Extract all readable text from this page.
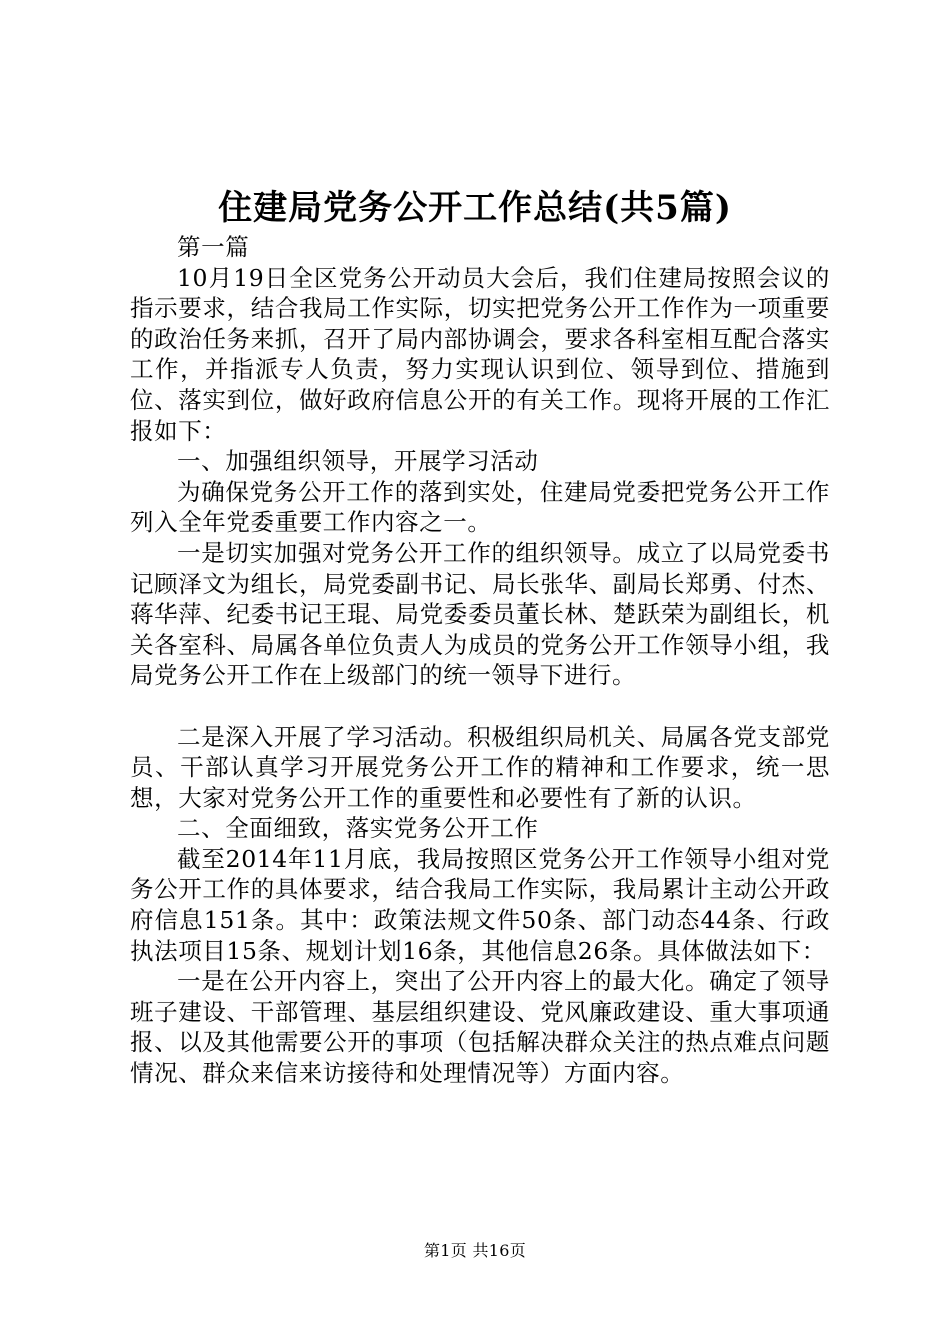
住建局党务公开工作总结(共5篇)

第一篇

10月19日全区党务公开动员大会后，我们住建局按照会议的指示要求，结合我局工作实际，切实把党务公开工作作为一项重要的政治任务来抓，召开了局内部协调会，要求各科室相互配合落实工作，并指派专人负责，努力实现认识到位、领导到位、措施到位、落实到位，做好政府信息公开的有关工作。现将开展的工作汇报如下：

一、加强组织领导，开展学习活动

为确保党务公开工作的落到实处，住建局党委把党务公开工作列入全年党委重要工作内容之一。

一是切实加强对党务公开工作的组织领导。成立了以局党委书记顾泽文为组长，局党委副书记、局长张华、副局长郑勇、付杰、蒋华萍、纪委书记王琨、局党委委员董长林、楚跃荣为副组长，机关各室科、局属各单位负责人为成员的党务公开工作领导小组，我局党务公开工作在上级部门的统一领导下进行。

二是深入开展了学习活动。积极组织局机关、局属各党支部党员、干部认真学习开展党务公开工作的精神和工作要求，统一思想，大家对党务公开工作的重要性和必要性有了新的认识。

二、全面细致，落实党务公开工作

截至2014年11月底，我局按照区党务公开工作领导小组对党务公开工作的具体要求，结合我局工作实际，我局累计主动公开政府信息151条。其中：政策法规文件50条、部门动态44条、行政执法项目15条、规划计划16条，其他信息26条。具体做法如下：

一是在公开内容上，突出了公开内容上的最大化。确定了领导班子建设、干部管理、基层组织建设、党风廉政建设、重大事项通报、以及其他需要公开的事项（包括解决群众关注的热点难点问题情况、群众来信来访接待和处理情况等）方面内容。

第1页 共16页
